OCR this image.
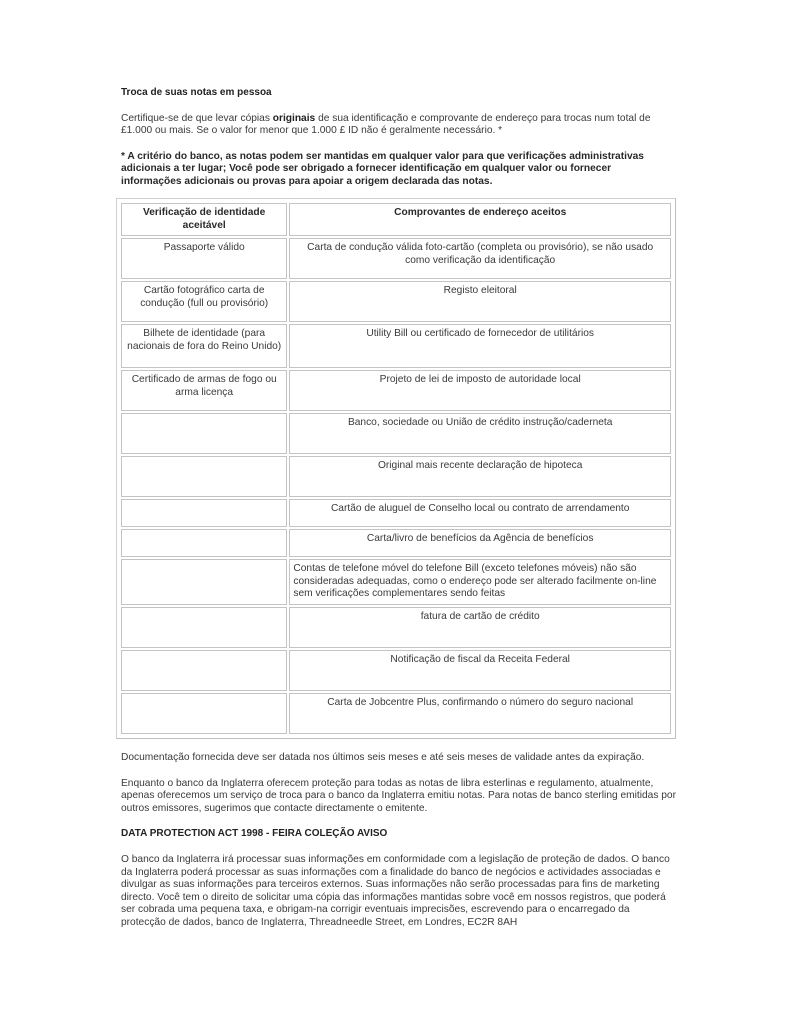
Troca de suas notas em pessoa

Certifique-se de que levar cópias originais de sua identificação e comprovante de endereço para trocas num total de £1.000 ou mais. Se o valor for menor que 1.000 £ ID não é geralmente necessário. *

* A critério do banco, as notas podem ser mantidas em qualquer valor para que verificações administrativas adicionais a ter lugar; Você pode ser obrigado a fornecer identificação em qualquer valor ou fornecer informações adicionais ou provas para apoiar a origem declarada das notas.

Verificação de identidade aceitável	Comprovantes de endereço aceitos
Passaporte válido	Carta de condução válida foto-cartão (completa ou provisório), se não usado como verificação da identificação
Cartão fotográfico carta de condução (full ou provisório)	Registo eleitoral
Bilhete de identidade (para nacionais de fora do Reino Unido)	Utility Bill ou certificado de fornecedor de utilitários
Certificado de armas de fogo ou arma licença	Projeto de lei de imposto de autoridade local
	Banco, sociedade ou União de crédito instrução/caderneta
	Original mais recente declaração de hipoteca
	Cartão de aluguel de Conselho local ou contrato de arrendamento
	Carta/livro de benefícios da Agência de benefícios
	Contas de telefone móvel do telefone Bill (exceto telefones móveis) não são consideradas adequadas, como o endereço pode ser alterado facilmente on-line sem verificações complementares sendo feitas
	fatura de cartão de crédito
	Notificação de fiscal da Receita Federal
	Carta de Jobcentre Plus, confirmando o número do seguro nacional

Documentação fornecida deve ser datada nos últimos seis meses e até seis meses de validade antes da expiração.

Enquanto o banco da Inglaterra oferecem proteção para todas as notas de libra esterlinas e regulamento, atualmente, apenas oferecemos um serviço de troca para o banco da Inglaterra emitiu notas. Para notas de banco sterling emitidas por outros emissores, sugerimos que contacte directamente o emitente.

DATA PROTECTION ACT 1998 - FEIRA COLEÇÃO AVISO

O banco da Inglaterra irá processar suas informações em conformidade com a legislação de proteção de dados. O banco da Inglaterra poderá processar as suas informações com a finalidade do banco de negócios e actividades associadas e divulgar as suas informações para terceiros externos. Suas informações não serão processadas para fins de marketing directo. Você tem o direito de solicitar uma cópia das informações mantidas sobre você em nossos registros, que poderá ser cobrada uma pequena taxa, e obrigam-na corrigir eventuais imprecisões, escrevendo para o encarregado da protecção de dados, banco de Inglaterra, Threadneedle Street, em Londres, EC2R 8AH
